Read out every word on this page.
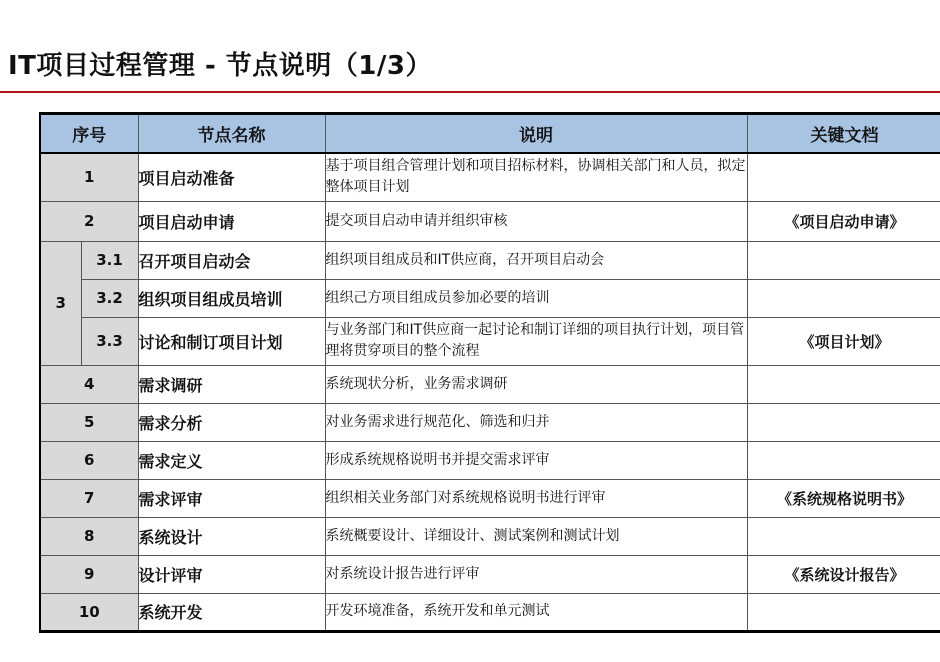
IT项目过程管理 - 节点说明（1/3）
序号		节点名称	说明	关键文档
1		项目启动准备	基于项目组合管理计划和项目招标材料，协调相关部门和人员，拟定整体项目计划	
2		项目启动申请	提交项目启动申请并组织审核	《项目启动申请》
3	3.1	召开项目启动会	组织项目组成员和IT供应商，召开项目启动会	
	3.2	组织项目组成员培训	组织己方项目组成员参加必要的培训	
	3.3	讨论和制订项目计划	与业务部门和IT供应商一起讨论和制订详细的项目执行计划，项目管理将贯穿项目的整个流程	《项目计划》
4		需求调研	系统现状分析，业务需求调研	
5		需求分析	对业务需求进行规范化、筛选和归并	
6		需求定义	形成系统规格说明书并提交需求评审	
7		需求评审	组织相关业务部门对系统规格说明书进行评审	《系统规格说明书》
8		系统设计	系统概要设计、详细设计、测试案例和测试计划	
9		设计评审	对系统设计报告进行评审	《系统设计报告》
10		系统开发	开发环境准备，系统开发和单元测试	
